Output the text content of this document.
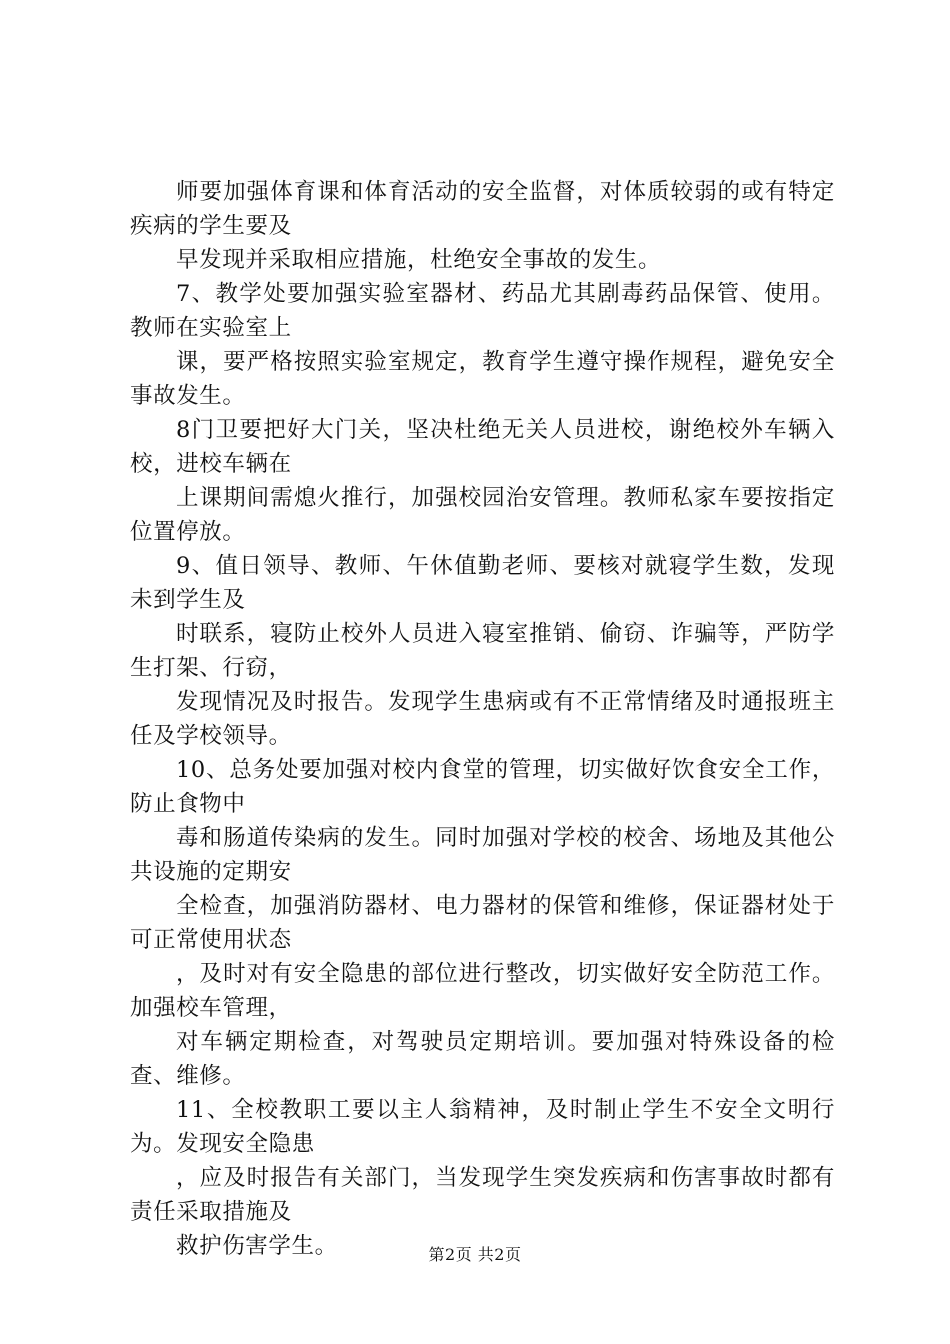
师要加强体育课和体育活动的安全监督，对体质较弱的或有特定疾病的学生要及

早发现并采取相应措施，杜绝安全事故的发生。

7、教学处要加强实验室器材、药品尤其剧毒药品保管、使用。教师在实验室上

课，要严格按照实验室规定，教育学生遵守操作规程，避免安全事故发生。

8门卫要把好大门关，坚决杜绝无关人员进校，谢绝校外车辆入校，进校车辆在

上课期间需熄火推行，加强校园治安管理。教师私家车要按指定位置停放。

9、值日领导、教师、午休值勤老师、要核对就寝学生数，发现未到学生及

时联系，寝防止校外人员进入寝室推销、偷窃、诈骗等，严防学生打架、行窃，

发现情况及时报告。发现学生患病或有不正常情绪及时通报班主任及学校领导。

10、总务处要加强对校内食堂的管理，切实做好饮食安全工作，防止食物中

毒和肠道传染病的发生。同时加强对学校的校舍、场地及其他公共设施的定期安

全检查，加强消防器材、电力器材的保管和维修，保证器材处于可正常使用状态

，及时对有安全隐患的部位进行整改，切实做好安全防范工作。加强校车管理，

对车辆定期检查，对驾驶员定期培训。要加强对特殊设备的检查、维修。

11、全校教职工要以主人翁精神，及时制止学生不安全文明行为。发现安全隐患

，应及时报告有关部门，当发现学生突发疾病和伤害事故时都有责任采取措施及

救护伤害学生。	第2页 共2页
